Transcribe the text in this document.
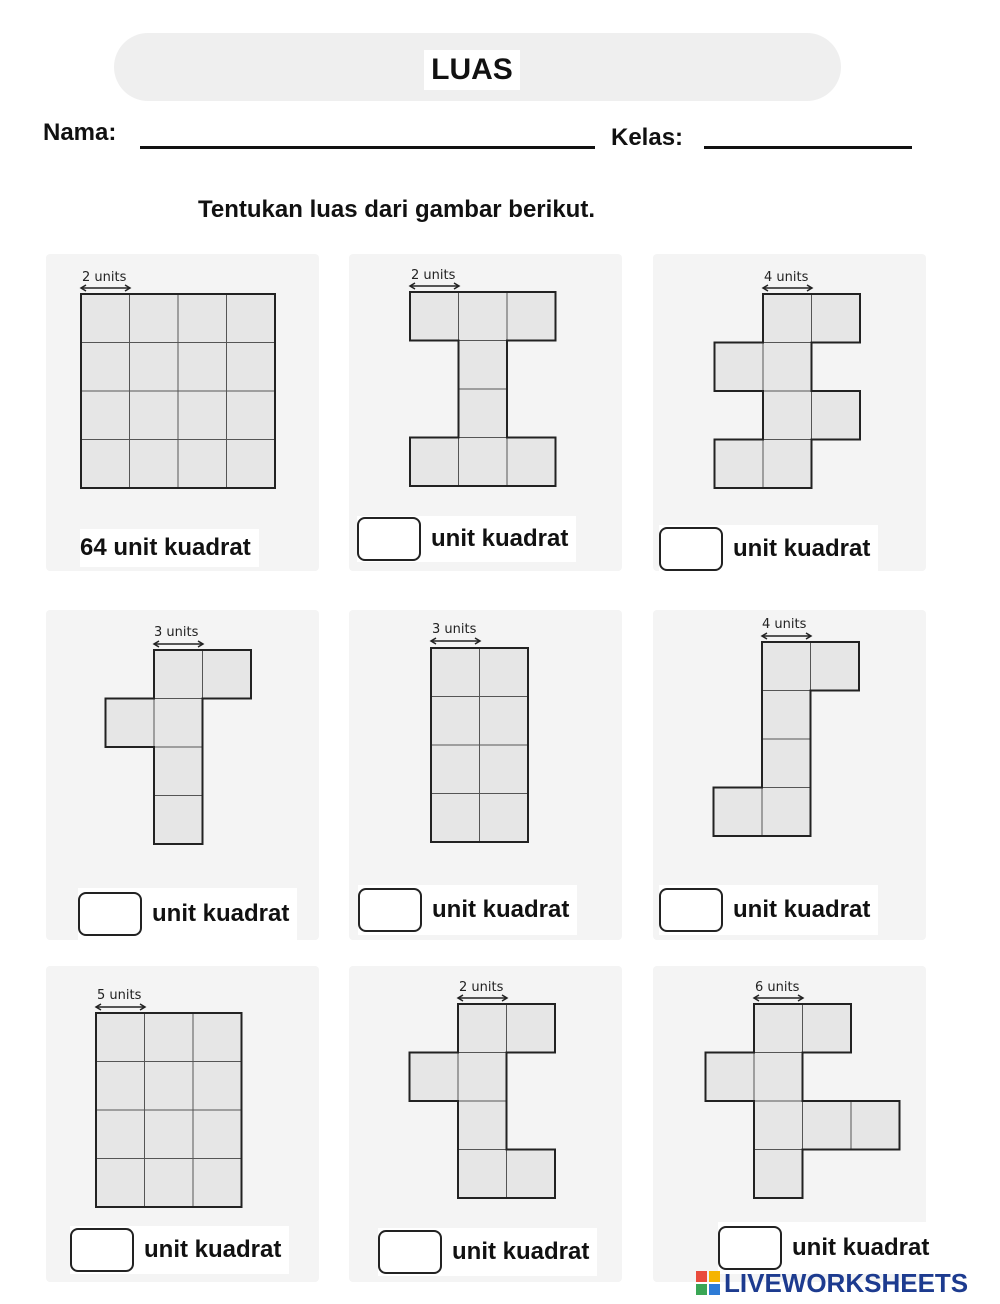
LUAS
Nama:	Kelas:
Tentukan luas dari gambar berikut.
2 units
64 unit kuadrat
2 units
unit kuadrat
4 units
unit kuadrat
3 units
unit kuadrat
3 units
unit kuadrat
4 units
unit kuadrat
5 units
unit kuadrat
2 units
unit kuadrat
6 units
unit kuadrat
LIVEWORKSHEETS
